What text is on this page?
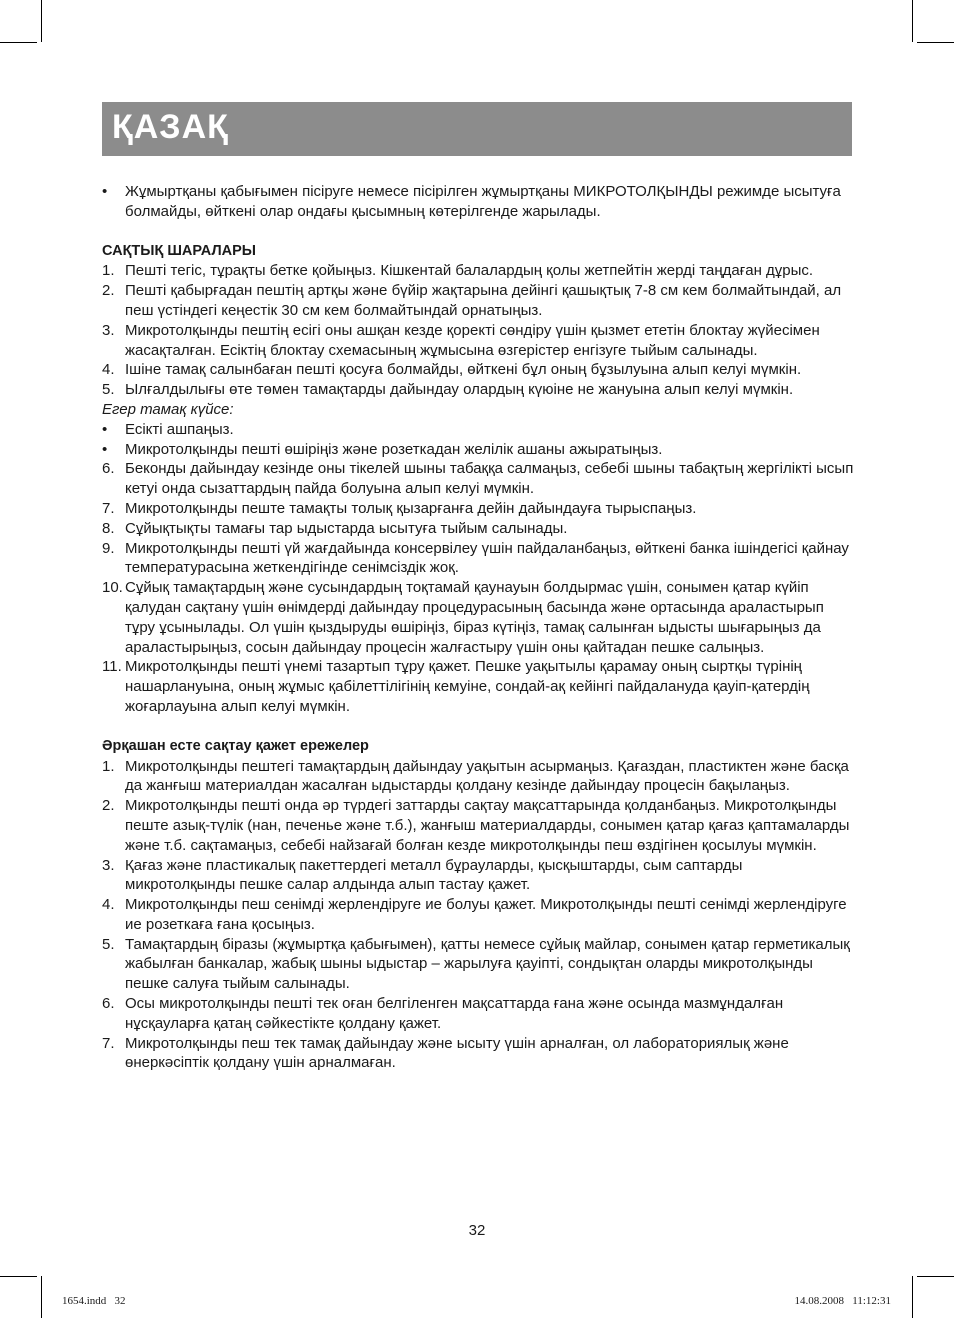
ҚАЗАҚ
•	Жұмыртқаны қабығымен пісіруге немесе пісірілген жұмыртқаны МИКРОТОЛҚЫНДЫ режимде ысытуға болмайды, өйткені олар ондағы қысымның көтерілгенде жарылады.
САҚТЫҚ ШАРАЛАРЫ
1. Пешті тегіс, тұрақты бетке қойыңыз. Кішкентай балалардың қолы жетпейтін жерді таңдаған дұрыс.
2. Пешті қабырғадан пештің артқы және бүйір жақтарына дейінгі қашықтық 7-8 см кем болмайтындай, ал пеш үстіндегі кеңестік 30 см кем болмайтындай орнатыңыз.
3. Микротолқынды пештің есігі оны ашқан кезде қоректі сөндіру үшін қызмет ететін блоктау жүйесімен жасақталған. Есіктің блоктау схемасының жұмысына өзгерістер енгізуге тыйым салынады.
4. Ішіне тамақ салынбаған пешті қосуға болмайды, өйткені бұл оның бұзылуына алып келуі мүмкін.
5. Ылғалдылығы өте төмен тамақтарды дайындау олардың күюіне не жануына алып келуі мүмкін.
Егер тамақ күйсе:
•	Есікті ашпаңыз.
•	Микротолқынды пешті өшіріңіз және розеткадан желілік ашаны ажыратыңыз.
6. Беконды дайындау кезінде оны тікелей шыны табаққа салмаңыз, себебі шыны табақтың жергілікті ысып кетуі онда сызаттардың пайда болуына алып келуі мүмкін.
7. Микротолқынды пеште тамақты толық қызарғанға дейін дайындауға тырыспаңыз.
8. Сұйықтықты тамағы тар ыдыстарда ысытуға тыйым салынады.
9. Микротолқынды пешті үй жағдайында консервілеу үшін пайдаланбаңыз, өйткені банка ішіндегісі қайнау температурасына жеткендігінде сенімсіздік жоқ.
10. Сұйық тамақтардың және сусындардың тоқтамай қаунауын болдырмас үшін, сонымен қатар күйіп қалудан сақтану үшін өнімдерді дайындау процедурасының басында және ортасында араластырып тұру ұсынылады. Ол үшін қыздыруды өшіріңіз, біраз күтіңіз, тамақ салынған ыдысты шығарыңыз да араластырыңыз, сосын дайындау процесін жалғастыру үшін оны қайтадан пешке салыңыз.
11. Микротолқынды пешті үнемі тазартып тұру қажет. Пешке уақытылы қарамау оның сыртқы түрінің нашарлануына, оның жұмыс қабілеттілігінің кемуіне, сондай-ақ кейінгі пайдалануда қауіп-қатердің жоғарлауына алып келуі мүмкін.
Әрқашан есте сақтау қажет ережелер
1. Микротолқынды пештегі тамақтардың дайындау уақытын асырмаңыз. Қағаздан, пластиктен және басқа да жанғыш материалдан жасалған ыдыстарды қолдану кезінде дайындау процесін бақылаңыз.
2. Микротолқынды пешті онда әр түрдегі заттарды сақтау мақсаттарында қолданбаңыз. Микротолқынды пеште азық-түлік (нан, печенье және т.б.), жанғыш материалдарды, сонымен қатар қағаз қаптамаларды және т.б. сақтамаңыз, себебі найзағай болған кезде микротолқынды пеш өздігінен қосылуы мүмкін.
3. Қағаз және пластикалық пакеттердегі металл бұрауларды, қысқыштарды, сым саптарды микротолқынды пешке салар алдында алып тастау қажет.
4. Микротолқынды пеш сенімді жерлендіруге ие болуы қажет. Микротолқынды пешті сенімді жерлендіруге ие розеткаға ғана қосыңыз.
5. Тамақтардың біразы (жұмыртқа қабығымен), қатты немесе сұйық майлар, сонымен қатар герметикалық жабылған банкалар, жабық шыны ыдыстар – жарылуға қауіпті, сондықтан оларды микротолқынды пешке салуға тыйым салынады.
6. Осы микротолқынды пешті тек оған белгіленген мақсаттарда ғана және осында мазмұндалған нұсқауларға қатаң сәйкестікте қолдану қажет.
7. Микротолқынды пеш тек тамақ дайындау және ысыту үшін арналған, ол лабораториялық және өнеркәсіптік қолдану үшін арналмаған.
32
1654.indd   32	14.08.2008   11:12:31
